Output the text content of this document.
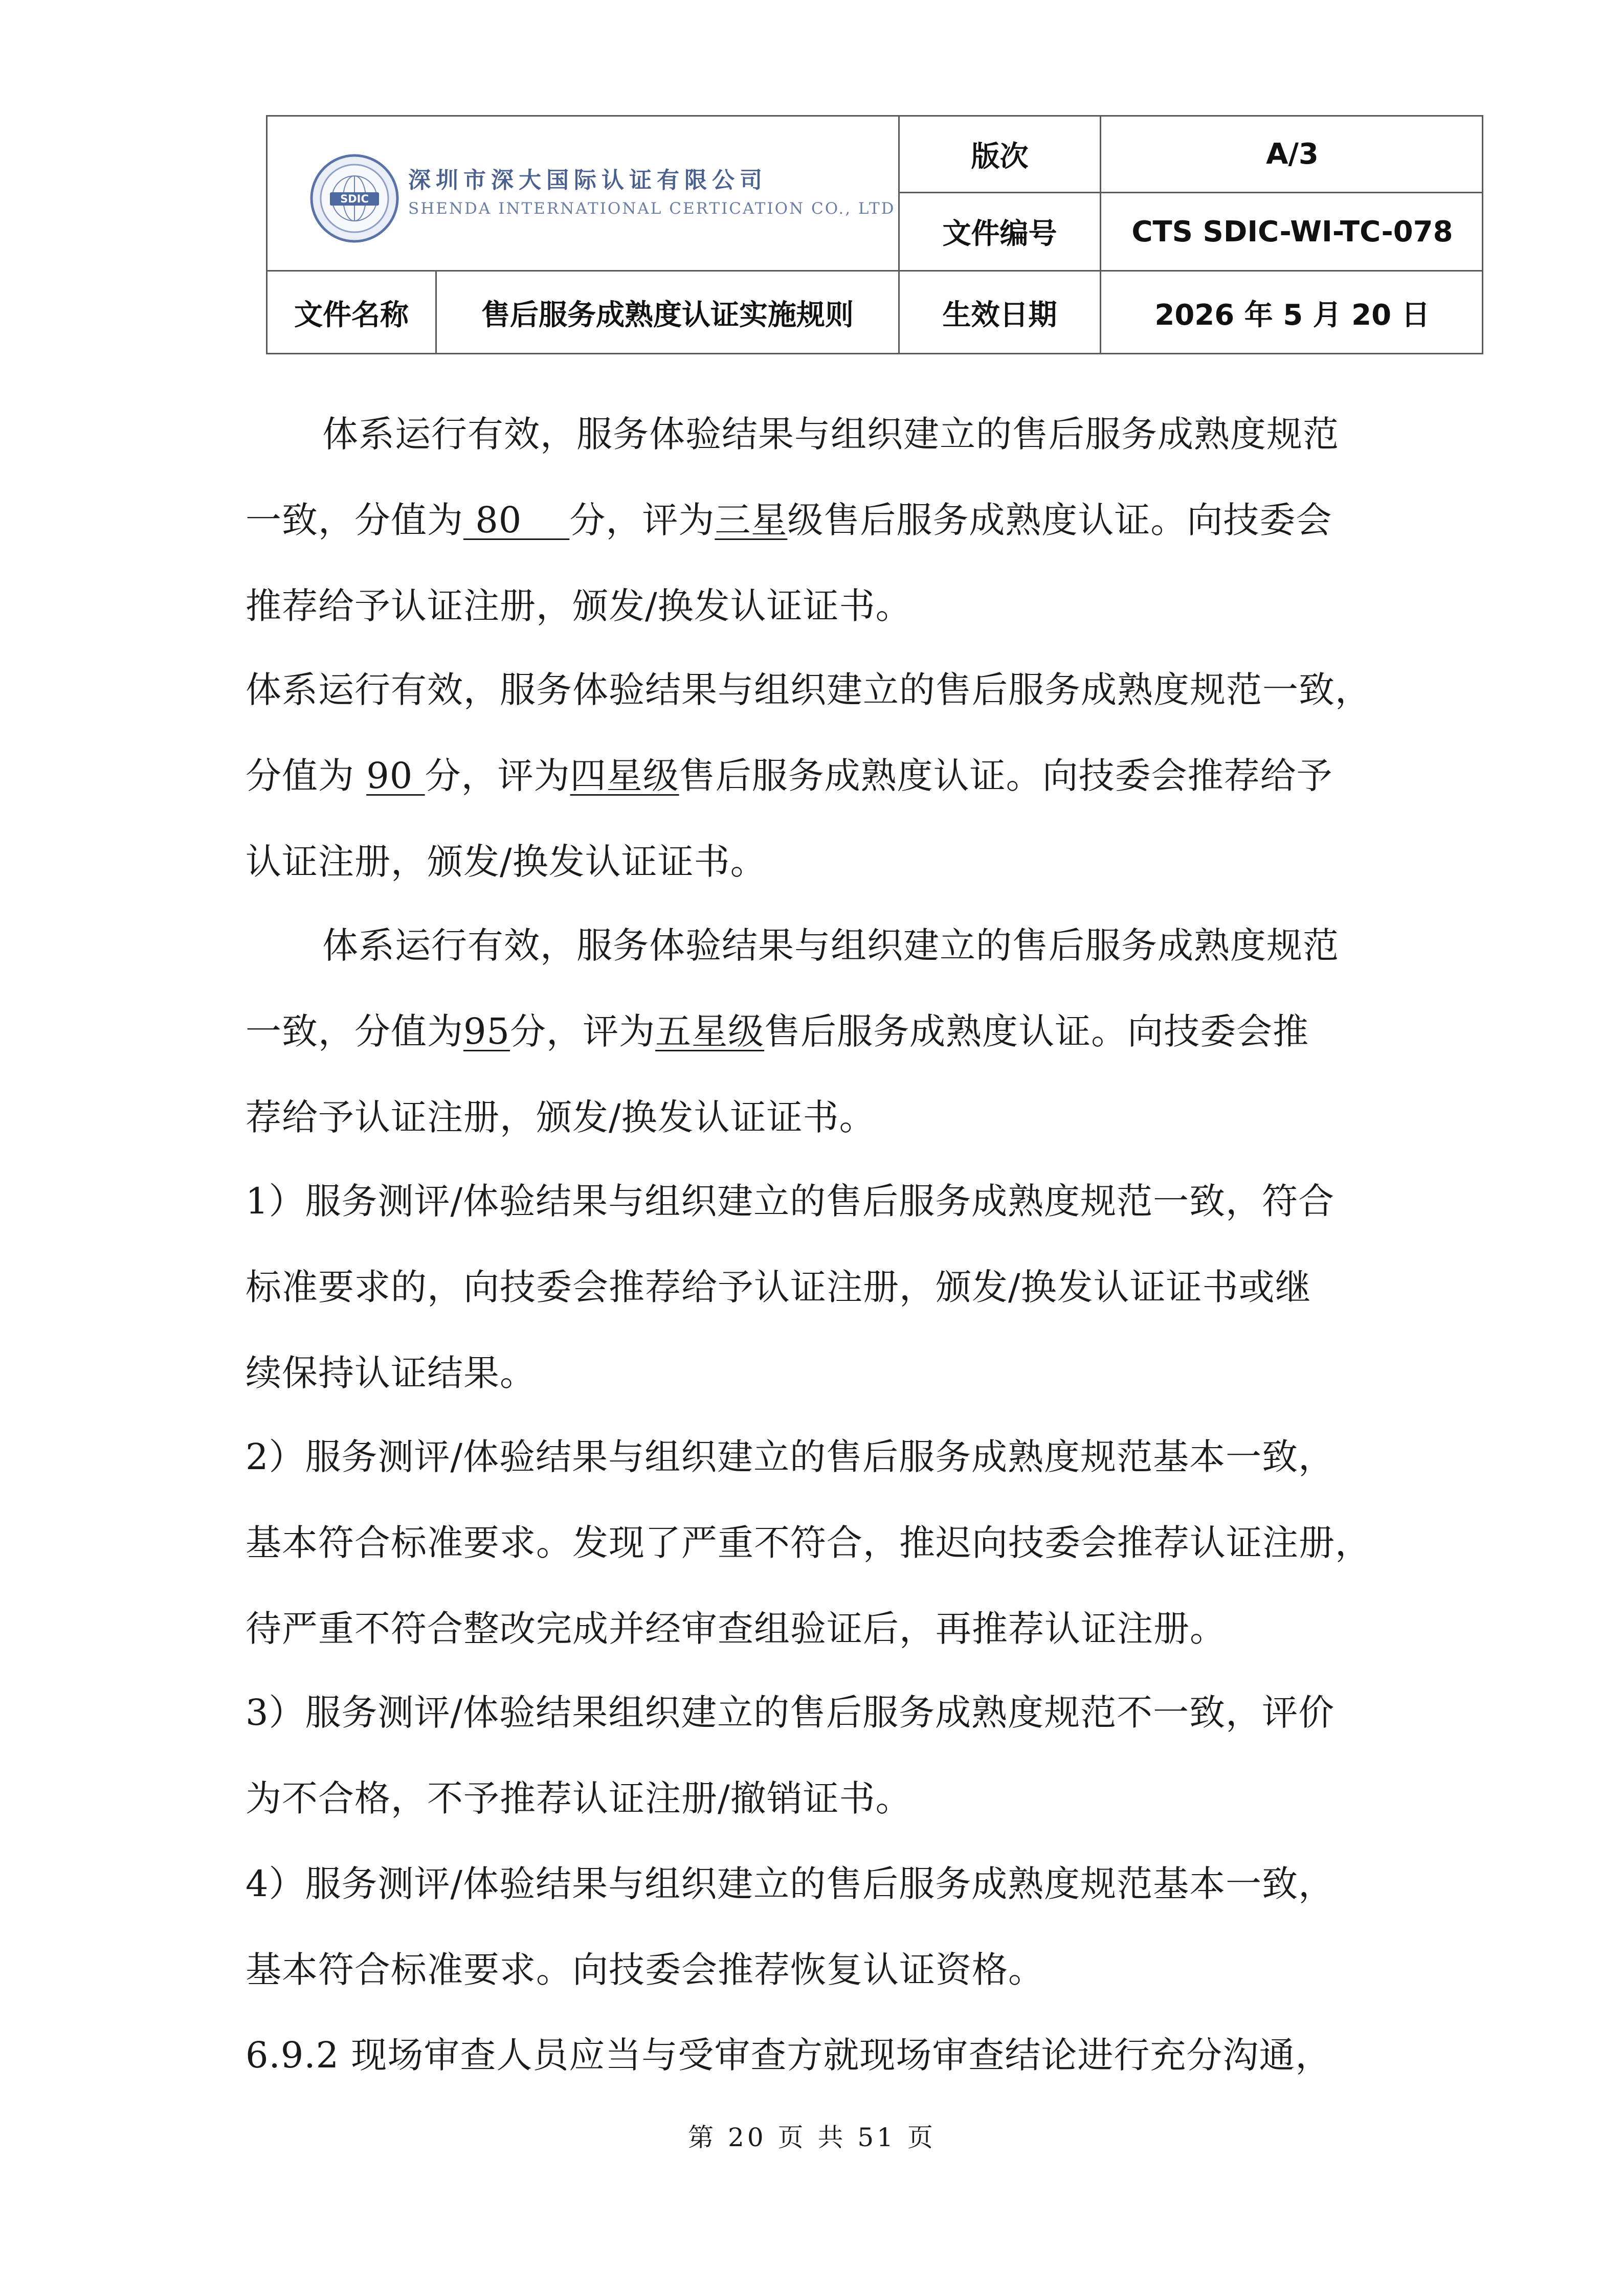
SDIC
深圳市深大国际认证有限公司
SHENDA INTERNATIONAL CERTICATION CO., LTD
版次	A/3
文件编号	CTS SDIC-WI-TC-078
文件名称	售后服务成熟度认证实施规则	生效日期	2026 年 5 月 20 日
体系运行有效，服务体验结果与组织建立的售后服务成熟度规范
一致，分值为 80    分，评为三星级售后服务成熟度认证。向技委会
推荐给予认证注册，颁发/换发认证证书。
体系运行有效，服务体验结果与组织建立的售后服务成熟度规范一致，
分值为 90 分，评为四星级售后服务成熟度认证。向技委会推荐给予
认证注册，颁发/换发认证证书。
体系运行有效，服务体验结果与组织建立的售后服务成熟度规范
一致，分值为95分，评为五星级售后服务成熟度认证。向技委会推
荐给予认证注册，颁发/换发认证证书。
1）服务测评/体验结果与组织建立的售后服务成熟度规范一致，符合
标准要求的，向技委会推荐给予认证注册，颁发/换发认证证书或继
续保持认证结果。
2）服务测评/体验结果与组织建立的售后服务成熟度规范基本一致，
基本符合标准要求。发现了严重不符合，推迟向技委会推荐认证注册，
待严重不符合整改完成并经审查组验证后，再推荐认证注册。
3）服务测评/体验结果组织建立的售后服务成熟度规范不一致，评价
为不合格，不予推荐认证注册/撤销证书。
4）服务测评/体验结果与组织建立的售后服务成熟度规范基本一致，
基本符合标准要求。向技委会推荐恢复认证资格。
6.9.2 现场审查人员应当与受审查方就现场审查结论进行充分沟通，
第 20 页 共 51 页
